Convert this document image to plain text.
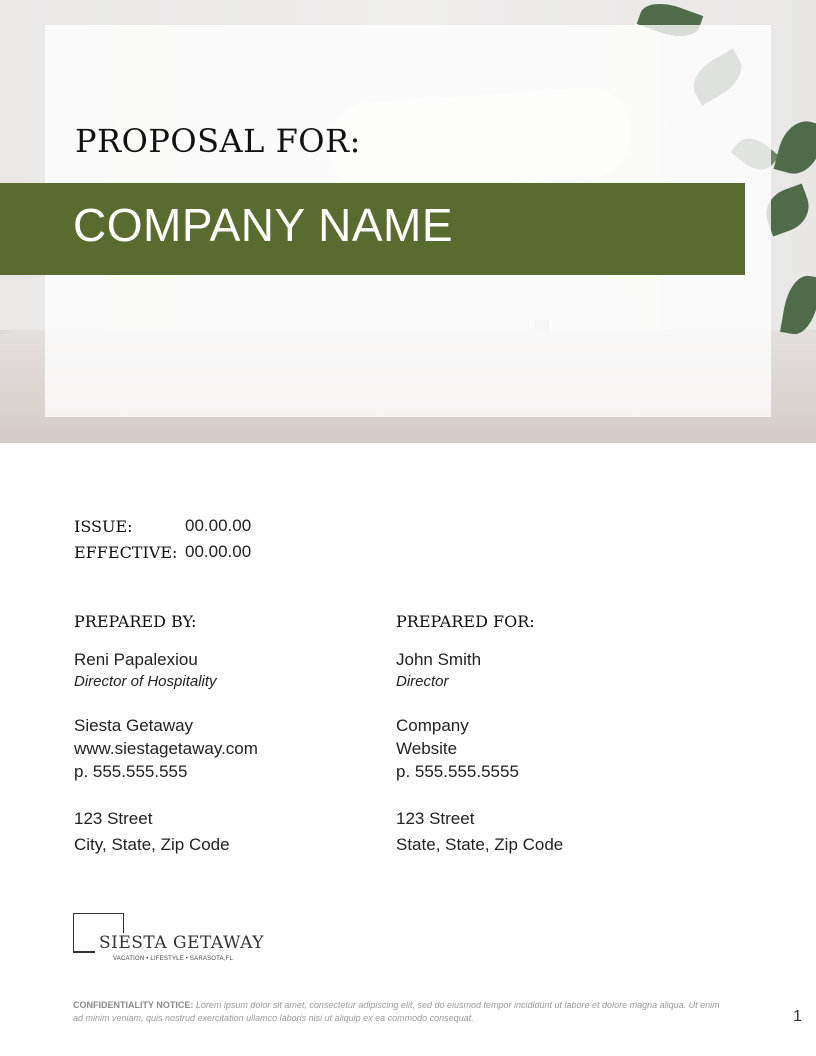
PROPOSAL FOR:
COMPANY NAME
ISSUE:	00.00.00
EFFECTIVE: 00.00.00
PREPARED BY:
Reni Papalexiou
Director of Hospitality
Siesta Getaway
www.siestagetaway.com
p. 555.555.555
123 Street
City, State, Zip Code
PREPARED FOR:
John Smith
Director
Company
Website
p. 555.555.5555
123 Street
State, State, Zip Code
SIESTA GETAWAY
VACATION • LIFESTYLE • SARASOTA,FL
CONFIDENTIALITY NOTICE: Lorem ipsum dolor sit amet, consectetur adipiscing elit, sed do eiusmod tempor incididunt ut labore et dolore magna aliqua. Ut enim ad minim veniam, quis nostrud exercitation ullamco laboris nisi ut aliquip ex ea commodo consequat.	1
